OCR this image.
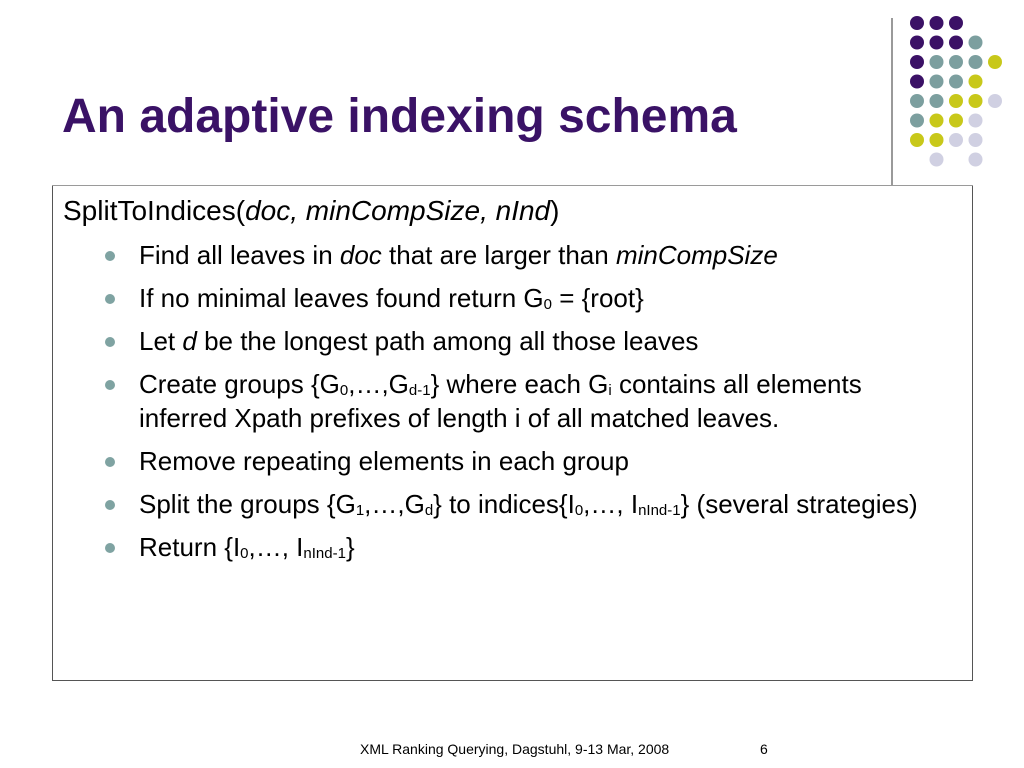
An adaptive indexing schema
SplitToIndices(doc, minCompSize, nInd)
Find all leaves in doc that are larger than minCompSize
If no minimal leaves found return $G_0$ = {root}
Let d be the longest path among all those leaves
Create groups $\{G_0,\dots,G_{d-1}\}$ where each $G_i$ contains all elements inferred Xpath prefixes of length i of all matched leaves.
Remove repeating elements in each group
Split the groups $\{G_1,\dots,G_d\}$ to $indices\{I_0,\dots$, $I_{nInd-1}$} (several strategies)
Return {$I_0,\dots$, $I_{nInd-1}$}
XML Ranking Querying, Dagstuhl, 9-13 Mar, 2008	6
